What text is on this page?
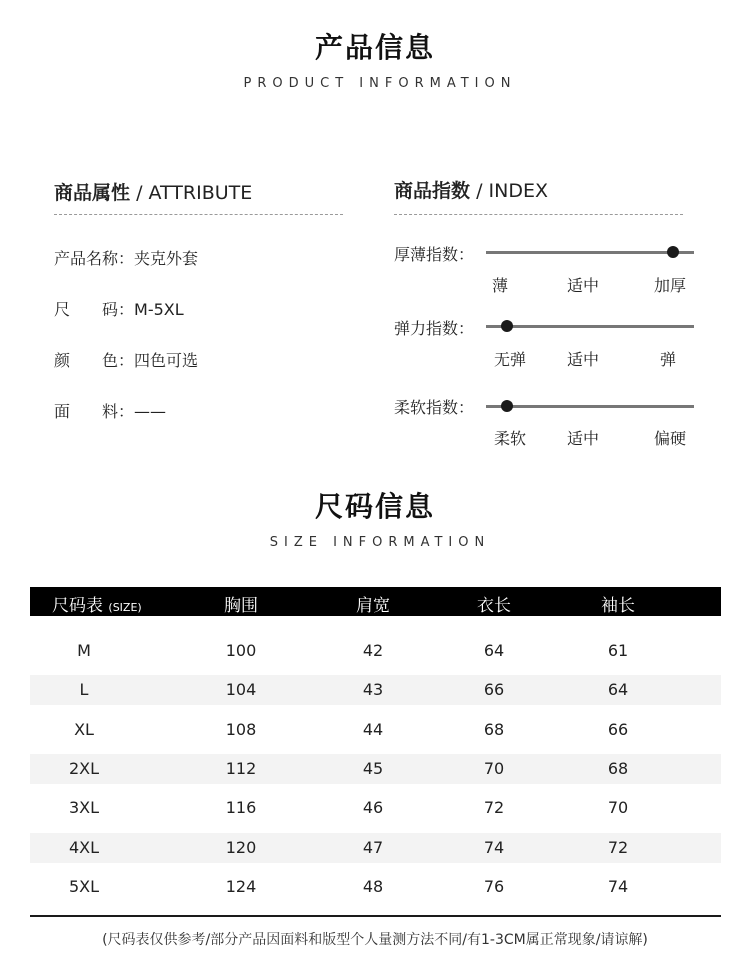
产品信息
PRODUCT INFORMATION
商品属性 / ATTRIBUTE
产品名称：夹克外套
尺　　码：M-5XL
颜　　色：四色可选
面　　料：——
商品指数 / INDEX
厚薄指数：
薄	适中	加厚
弹力指数：
无弹	适中	弹
柔软指数：
柔软	适中	偏硬
尺码信息
SIZE INFORMATION
尺码表 (SIZE)	胸围	肩宽	衣长	袖长
M	100	42	64	61
L	104	43	66	64
XL	108	44	68	66
2XL	112	45	70	68
3XL	116	46	72	70
4XL	120	47	74	72
5XL	124	48	76	74
(尺码表仅供参考/部分产品因面料和版型个人量测方法不同/有1-3CM属正常现象/请谅解)
